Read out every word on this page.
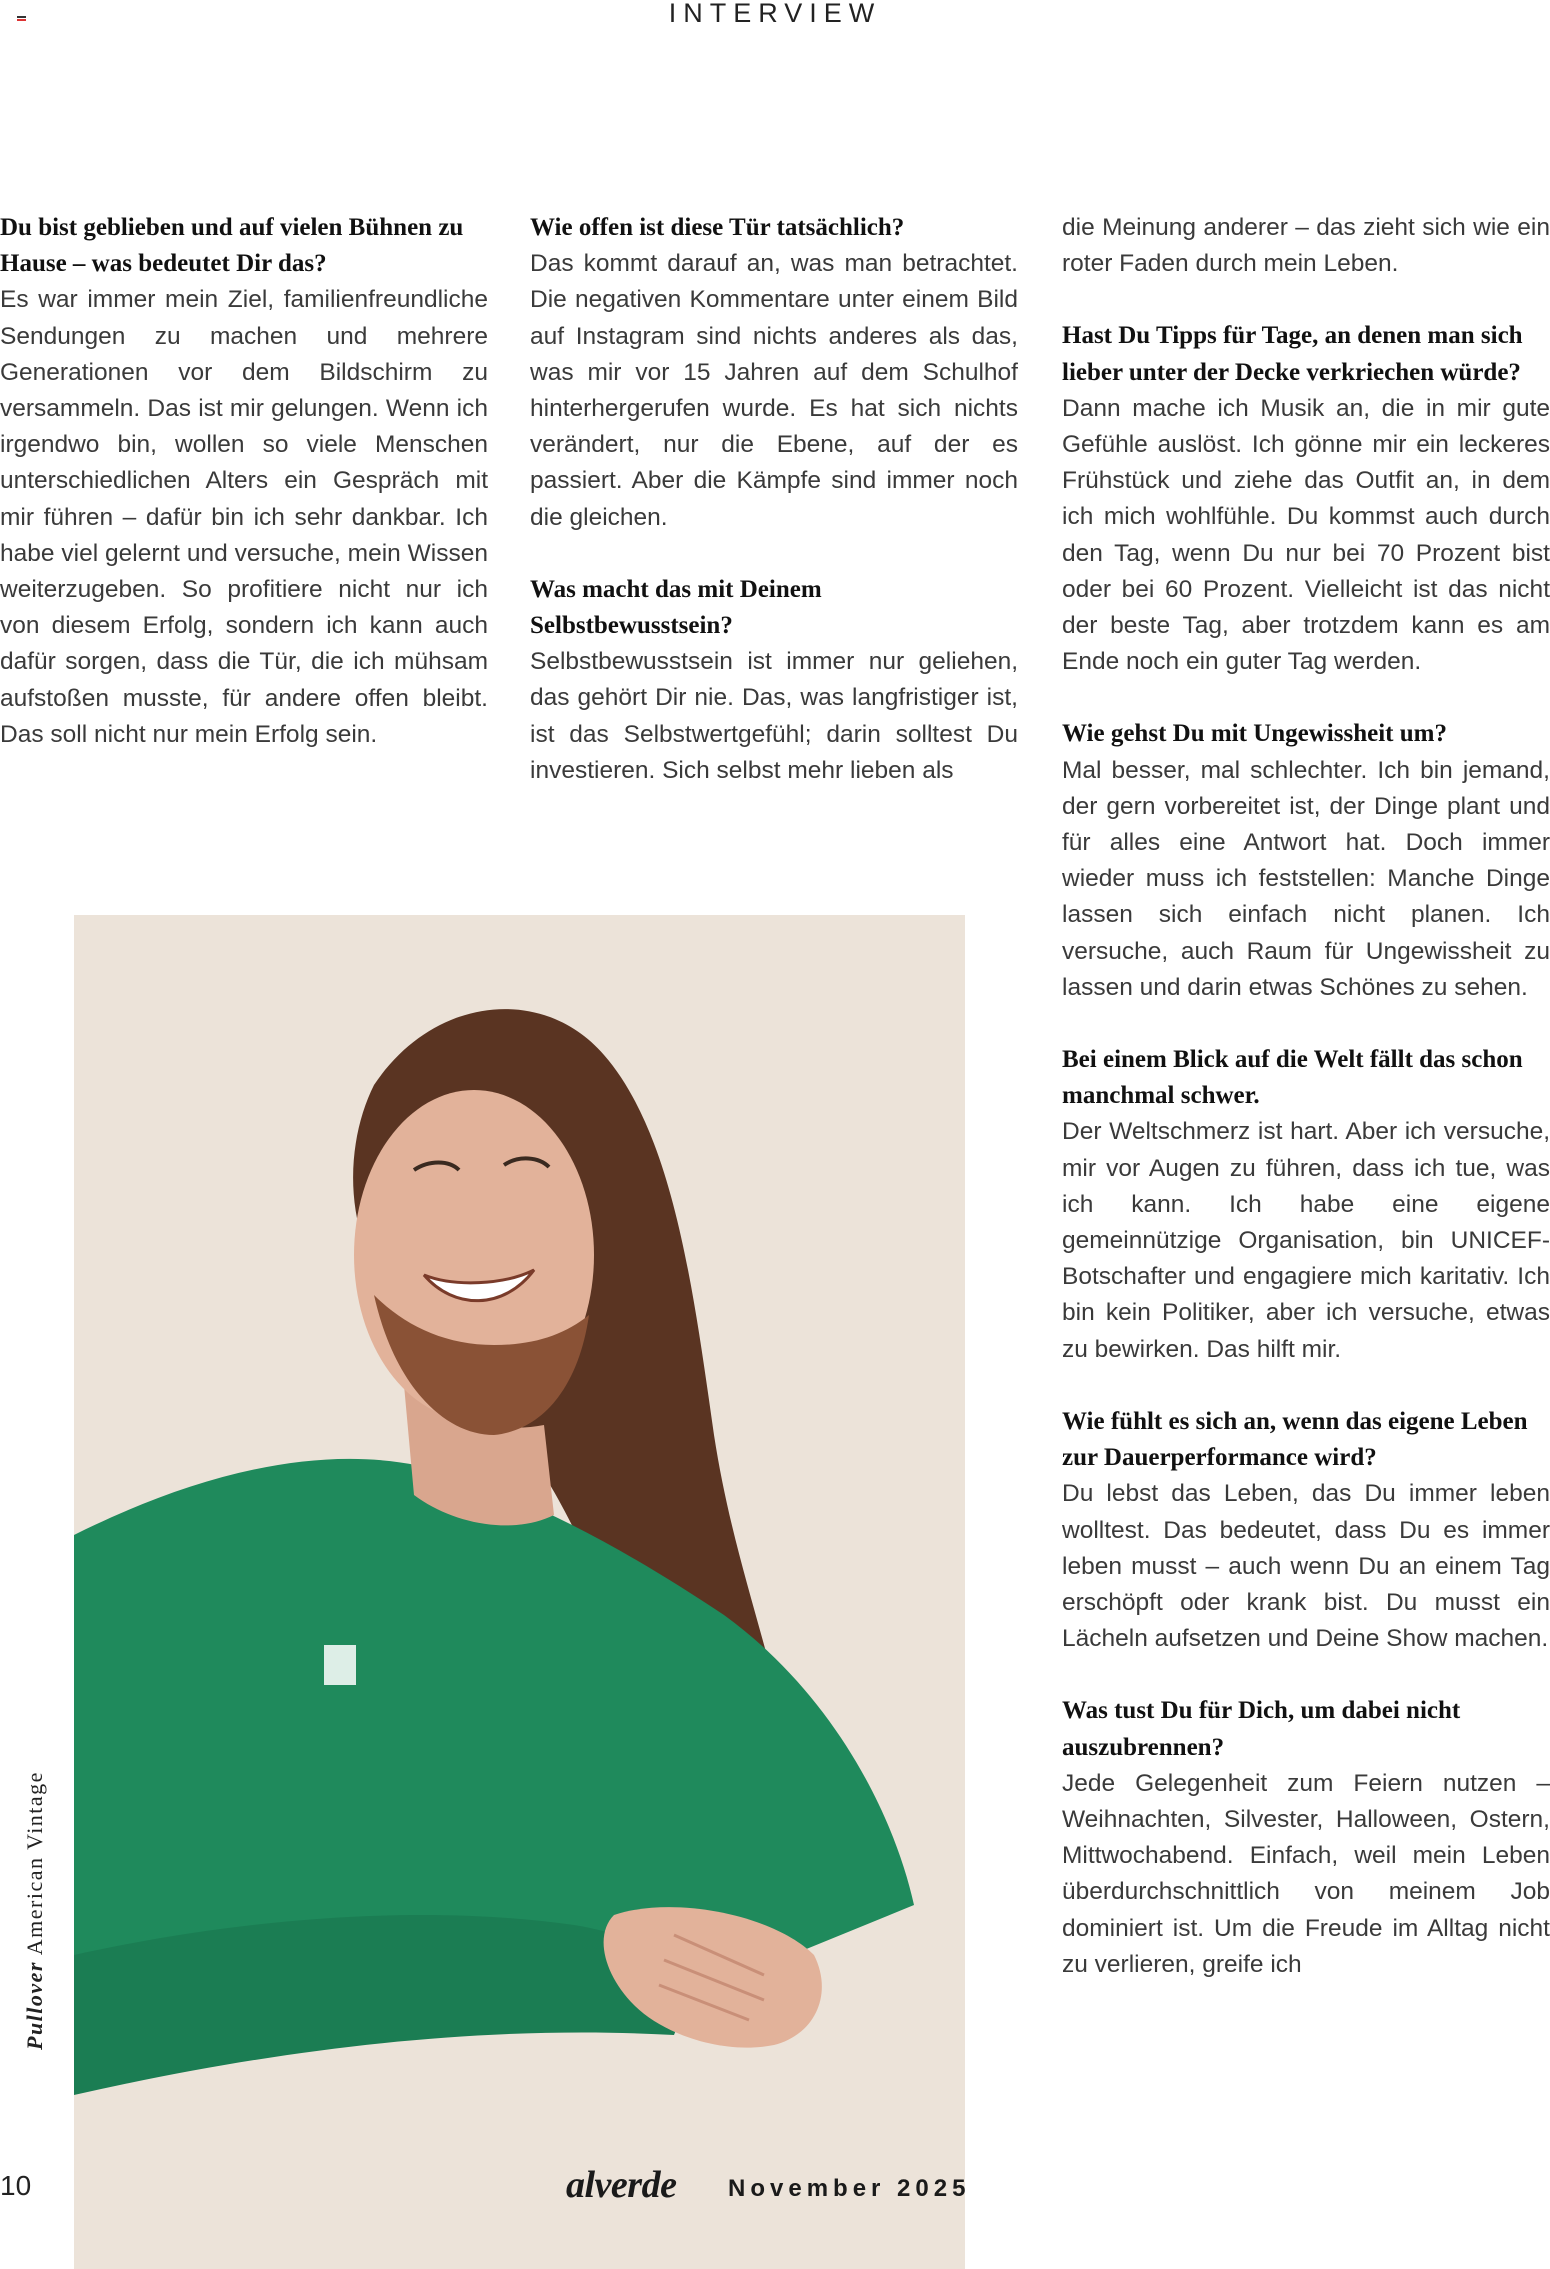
INTERVIEW

Du bist geblieben und auf vielen Bühnen zu Hause – was bedeutet Dir das?
Es war immer mein Ziel, familienfreundliche Sendungen zu machen und mehrere Generationen vor dem Bildschirm zu versammeln. Das ist mir gelungen. Wenn ich irgendwo bin, wollen so viele Menschen unterschiedlichen Alters ein Gespräch mit mir führen – dafür bin ich sehr dankbar. Ich habe viel gelernt und versuche, mein Wissen weiterzugeben. So profitiere nicht nur ich von diesem Erfolg, sondern ich kann auch dafür sorgen, dass die Tür, die ich mühsam aufstoßen musste, für andere offen bleibt. Das soll nicht nur mein Erfolg sein.

Wie offen ist diese Tür tatsächlich?
Das kommt darauf an, was man betrachtet. Die negativen Kommentare unter einem Bild auf Instagram sind nichts anderes als das, was mir vor 15 Jahren auf dem Schulhof hinterhergerufen wurde. Es hat sich nichts verändert, nur die Ebene, auf der es passiert. Aber die Kämpfe sind immer noch die gleichen.

Was macht das mit Deinem Selbstbewusstsein?
Selbstbewusstsein ist immer nur geliehen, das gehört Dir nie. Das, was langfristiger ist, ist das Selbstwertgefühl; darin solltest Du investieren. Sich selbst mehr lieben als

die Meinung anderer – das zieht sich wie ein roter Faden durch mein Leben.

Hast Du Tipps für Tage, an denen man sich lieber unter der Decke verkriechen würde?
Dann mache ich Musik an, die in mir gute Gefühle auslöst. Ich gönne mir ein leckeres Frühstück und ziehe das Outfit an, in dem ich mich wohlfühle. Du kommst auch durch den Tag, wenn Du nur bei 70 Prozent bist oder bei 60 Prozent. Vielleicht ist das nicht der beste Tag, aber trotzdem kann es am Ende noch ein guter Tag werden.

Wie gehst Du mit Ungewissheit um?
Mal besser, mal schlechter. Ich bin jemand, der gern vorbereitet ist, der Dinge plant und für alles eine Antwort hat. Doch immer wieder muss ich feststellen: Manche Dinge lassen sich einfach nicht planen. Ich versuche, auch Raum für Ungewissheit zu lassen und darin etwas Schönes zu sehen.

Bei einem Blick auf die Welt fällt das schon manchmal schwer.
Der Weltschmerz ist hart. Aber ich versuche, mir vor Augen zu führen, dass ich tue, was ich kann. Ich habe eine eigene gemeinnützige Organisation, bin UNICEF-Botschafter und engagiere mich karitativ. Ich bin kein Politiker, aber ich versuche, etwas zu bewirken. Das hilft mir.

Wie fühlt es sich an, wenn das eigene Leben zur Dauerperformance wird?
Du lebst das Leben, das Du immer leben wolltest. Das bedeutet, dass Du es immer leben musst – auch wenn Du an einem Tag erschöpft oder krank bist. Du musst ein Lächeln aufsetzen und Deine Show machen.

Was tust Du für Dich, um dabei nicht auszubrennen?
Jede Gelegenheit zum Feiern nutzen – Weihnachten, Silvester, Halloween, Ostern, Mittwochabend. Einfach, weil mein Leben überdurchschnittlich von meinem Job dominiert ist. Um die Freude im Alltag nicht zu verlieren, greife ich

Pullover American Vintage
10	alverde November 2025
